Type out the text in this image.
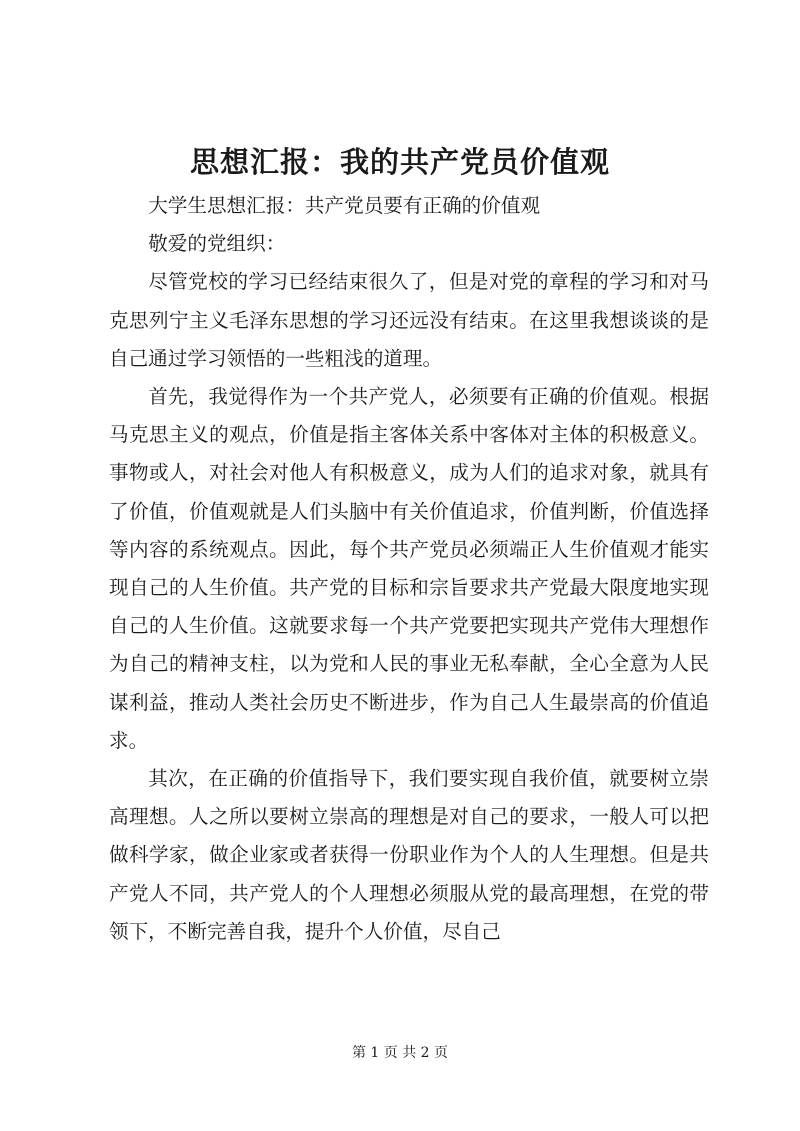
思想汇报：我的共产党员价值观

大学生思想汇报：共产党员要有正确的价值观

敬爱的党组织：

尽管党校的学习已经结束很久了，但是对党的章程的学习和对马克思列宁主义毛泽东思想的学习还远没有结束。在这里我想谈谈的是自己通过学习领悟的一些粗浅的道理。

首先，我觉得作为一个共产党人，必须要有正确的价值观。根据马克思主义的观点，价值是指主客体关系中客体对主体的积极意义。事物或人，对社会对他人有积极意义，成为人们的追求对象，就具有了价值，价值观就是人们头脑中有关价值追求，价值判断，价值选择等内容的系统观点。因此，每个共产党员必须端正人生价值观才能实现自己的人生价值。共产党的目标和宗旨要求共产党最大限度地实现自己的人生价值。这就要求每一个共产党要把实现共产党伟大理想作为自己的精神支柱，以为党和人民的事业无私奉献，全心全意为人民谋利益，推动人类社会历史不断进步，作为自己人生最崇高的价值追求。

其次，在正确的价值指导下，我们要实现自我价值，就要树立崇高理想。人之所以要树立崇高的理想是对自己的要求，一般人可以把做科学家，做企业家或者获得一份职业作为个人的人生理想。但是共产党人不同，共产党人的个人理想必须服从党的最高理想，在党的带领下，不断完善自我，提升个人价值，尽自己

第 1 页 共 2 页
